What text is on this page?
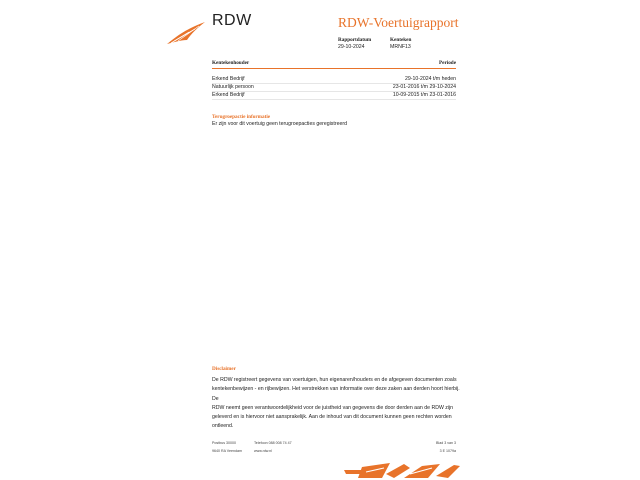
RDW	RDW-Voertuigrapport
Rapportdatum
29-10-2024
Kenteken
MRNF13
Kentekenhouder	Periode
Erkend Bedrijf	29-10-2024 t/m heden
Natuurlijk persoon	23-01-2016 t/m 29-10-2024
Erkend Bedrijf	10-09-2015 t/m 23-01-2016
Terugroepactie informatie
Er zijn voor dit voertuig geen terugroepacties geregistreerd
Disclaimer
De RDW registreert gegevens van voertuigen, hun eigenaren/houders en de afgegeven documenten zoals
kentekenbewijzen - en rijbewijzen. Het verstrekken van informatie over deze zaken aan derden hoort hierbij. De
RDW neemt geen verantwoordelijkheid voor de juistheid van gegevens die door derden aan de RDW zijn
geleverd en is hiervoor niet aansprakelijk. Aan de inhoud van dit document kunnen geen rechten worden
ontleend.
Postbus 30000
9640 RA Veendam
Telefoon 088 008 74 47
www.rdw.nl
Blad 3 van 3
3 E 1079a
